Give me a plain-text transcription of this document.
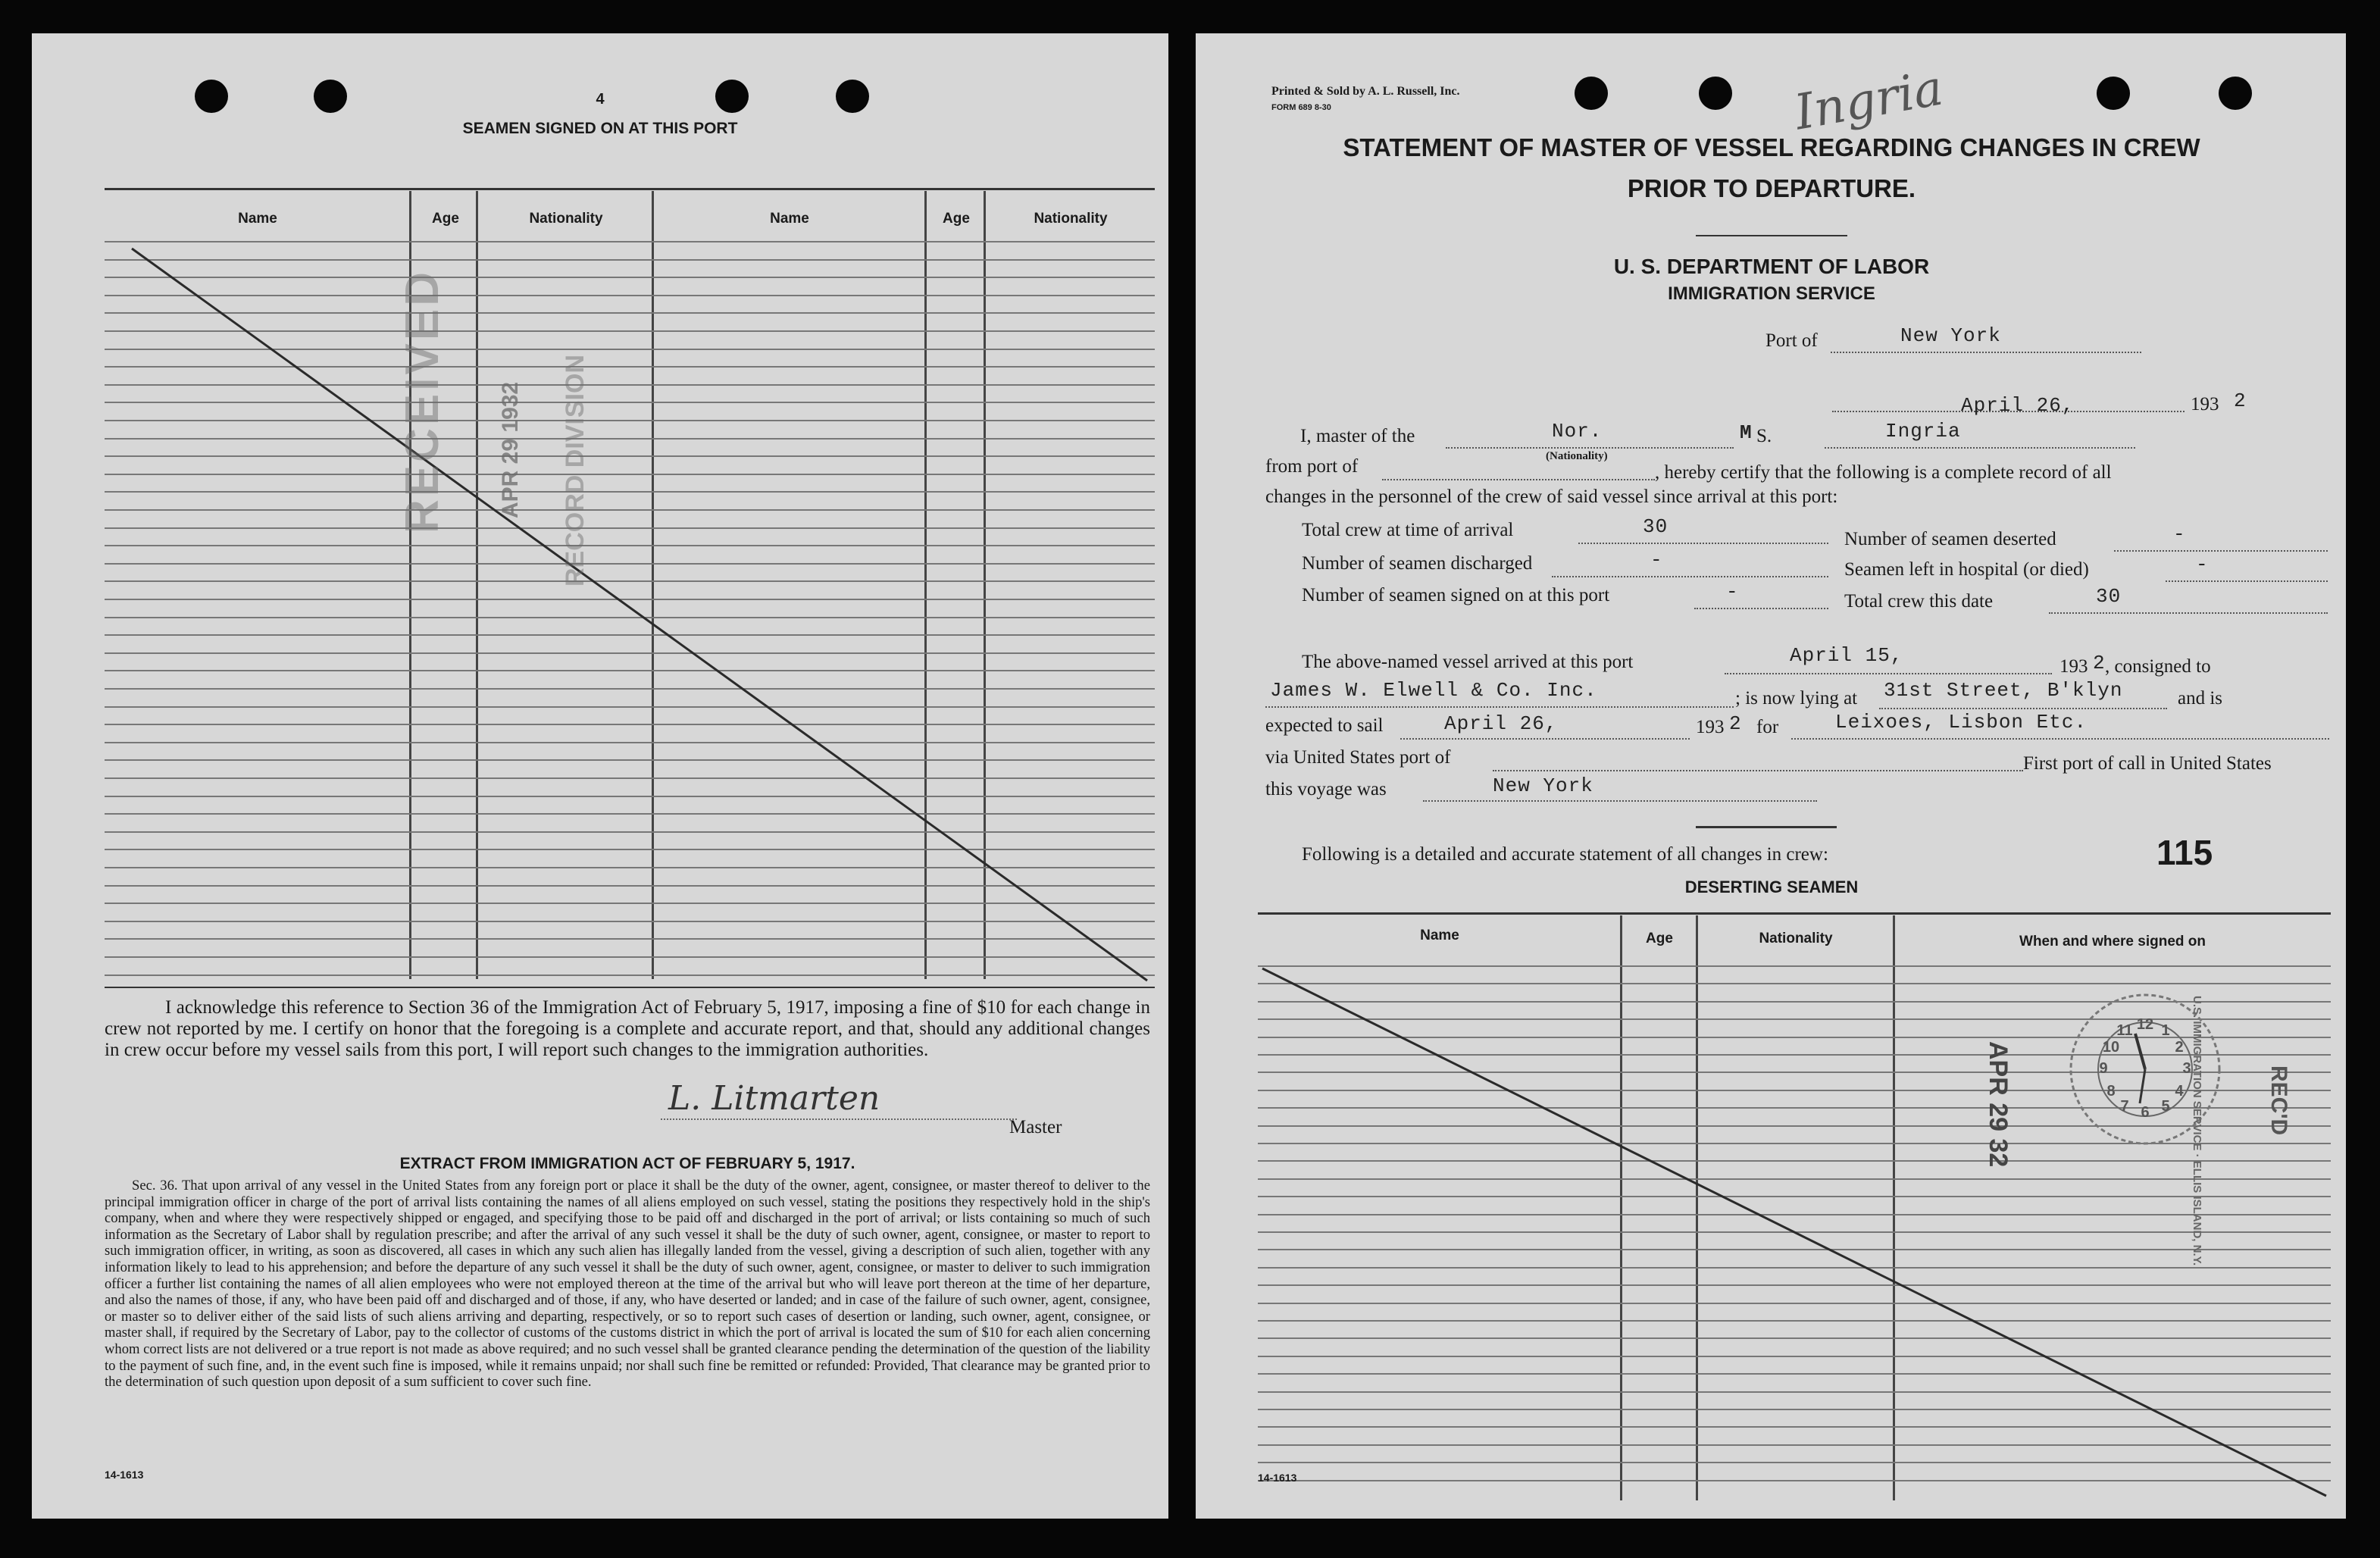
4
SEAMEN SIGNED ON AT THIS PORT
Name	Age	Nationality	Name	Age	Nationality
RECEIVED APR 29 1932 RECORD DIVISION
I acknowledge this reference to Section 36 of the Immigration Act of February 5, 1917, imposing a fine of $10 for each change in crew not reported by me. I certify on honor that the foregoing is a complete and accurate report, and that, should any additional changes in crew occur before my vessel sails from this port, I will report such changes to the immigration authorities.
L. Litmarten
Master
EXTRACT FROM IMMIGRATION ACT OF FEBRUARY 5, 1917.
Sec. 36. That upon arrival of any vessel in the United States from any foreign port or place it shall be the duty of the owner, agent, consignee, or master thereof to deliver to the principal immigration officer in charge of the port of arrival lists containing the names of all aliens employed on such vessel, stating the positions they respectively hold in the ship's company, when and where they were respectively shipped or engaged, and specifying those to be paid off and discharged in the port of arrival; or lists containing so much of such information as the Secretary of Labor shall by regulation prescribe; and after the arrival of any such vessel it shall be the duty of such owner, agent, consignee, or master to report to such immigration officer, in writing, as soon as discovered, all cases in which any such alien has illegally landed from the vessel, giving a description of such alien, together with any information likely to lead to his apprehension; and before the departure of any such vessel it shall be the duty of such owner, agent, consignee, or master to deliver to such immigration officer a further list containing the names of all alien employees who were not employed thereon at the time of the arrival but who will leave port thereon at the time of her departure, and also the names of those, if any, who have been paid off and discharged and of those, if any, who have deserted or landed; and in case of the failure of such owner, agent, consignee, or master so to deliver either of the said lists of such aliens arriving and departing, respectively, or so to report such cases of desertion or landing, such owner, agent, consignee, or master shall, if required by the Secretary of Labor, pay to the collector of customs of the customs district in which the port of arrival is located the sum of $10 for each alien concerning whom correct lists are not delivered or a true report is not made as above required; and no such vessel shall be granted clearance pending the determination of the question of the liability to the payment of such fine, and, in the event such fine is imposed, while it remains unpaid; nor shall such fine be remitted or refunded: Provided, That clearance may be granted prior to the determination of such question upon deposit of a sum sufficient to cover such fine.
14-1613
Printed & Sold by A. L. Russell, Inc.
FORM 689 8-30	Ingria
STATEMENT OF MASTER OF VESSEL REGARDING CHANGES IN CREW
PRIOR TO DEPARTURE.
U. S. DEPARTMENT OF LABOR
IMMIGRATION SERVICE
Port of	New York
April 26,	193 2
I, master of the	Nor.
(Nationality)
M S.	Ingria
from port of	, hereby certify that the following is a complete record of all
changes in the personnel of the crew of said vessel since arrival at this port:
Total crew at time of arrival	30
Number of seamen deserted	-
Number of seamen discharged	-	Seamen left in hospital (or died)	-
Number of seamen signed on at this port	-	Total crew this date	30
The above-named vessel arrived at this port	April 15,	193 2 , consigned to
James W. Elwell & Co. Inc.	; is now lying at 31st Street, B'klyn	and is
expected to sail	April 26,	193 2 for	Leixoes, Lisbon Etc.
via United States port of	First port of call in United States
this voyage was	New York
Following is a detailed and accurate statement of all changes in crew:	115
DESERTING SEAMEN
Name	Age	Nationality	When and where signed on
APR 29 32
12
3
6
9
1
2
4
5
7
8
10
11	U.S. IMMIGRATION SERVICE · ELLIS ISLAND, N.Y.	REC'D
14-1613
